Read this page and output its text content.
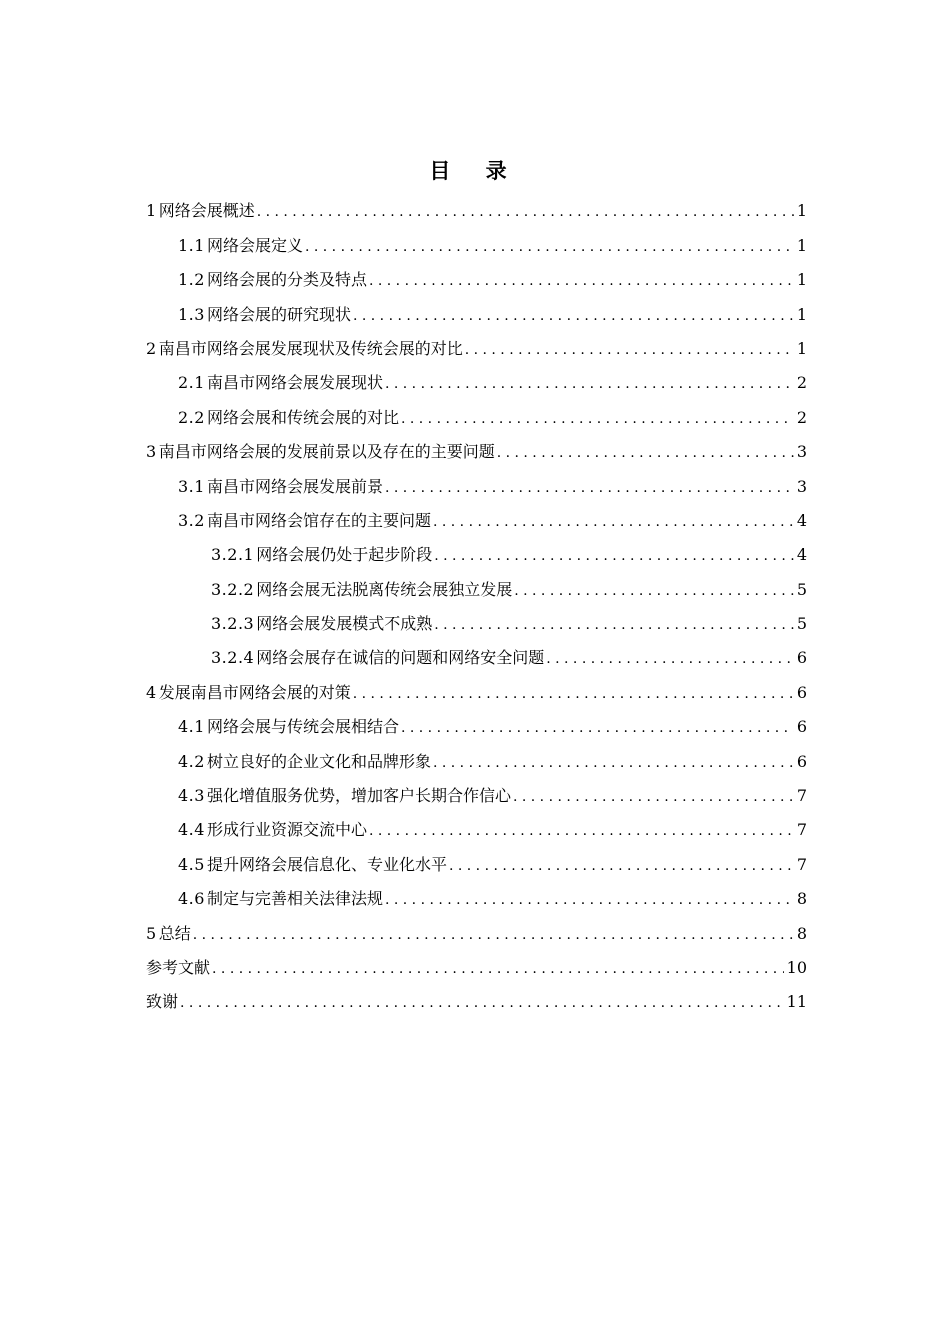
目 录
1 网络会展概述 . . .	1
1.1 网络会展定义 . . .	1
1.2 网络会展的分类及特点 . . .	1
1.3 网络会展的研究现状 . . .	1
2 南昌市网络会展发展现状及传统会展的对比 . . .	1
2.1 南昌市网络会展发展现状 . . .	2
2.2 网络会展和传统会展的对比 . . .	2
3 南昌市网络会展的发展前景以及存在的主要问题 . . .	3
3.1 南昌市网络会展发展前景 . . .	3
3.2 南昌市网络会馆存在的主要问题 . . .	4
3.2.1 网络会展仍处于起步阶段 . . .	4
3.2.2 网络会展无法脱离传统会展独立发展 . . .	5
3.2.3 网络会展发展模式不成熟 . . .	5
3.2.4 网络会展存在诚信的问题和网络安全问题 . . .	6
4 发展南昌市网络会展的对策 . . .	6
4.1 网络会展与传统会展相结合 . . .	6
4.2 树立良好的企业文化和品牌形象 . . .	6
4.3 强化增值服务优势，增加客户长期合作信心 . . .	7
4.4 形成行业资源交流中心 . . .	7
4.5 提升网络会展信息化、专业化水平 . . .	7
4.6 制定与完善相关法律法规 . . .	8
5 总结 . . .	8
参考文献 . . .	10
致谢 . . .	11
